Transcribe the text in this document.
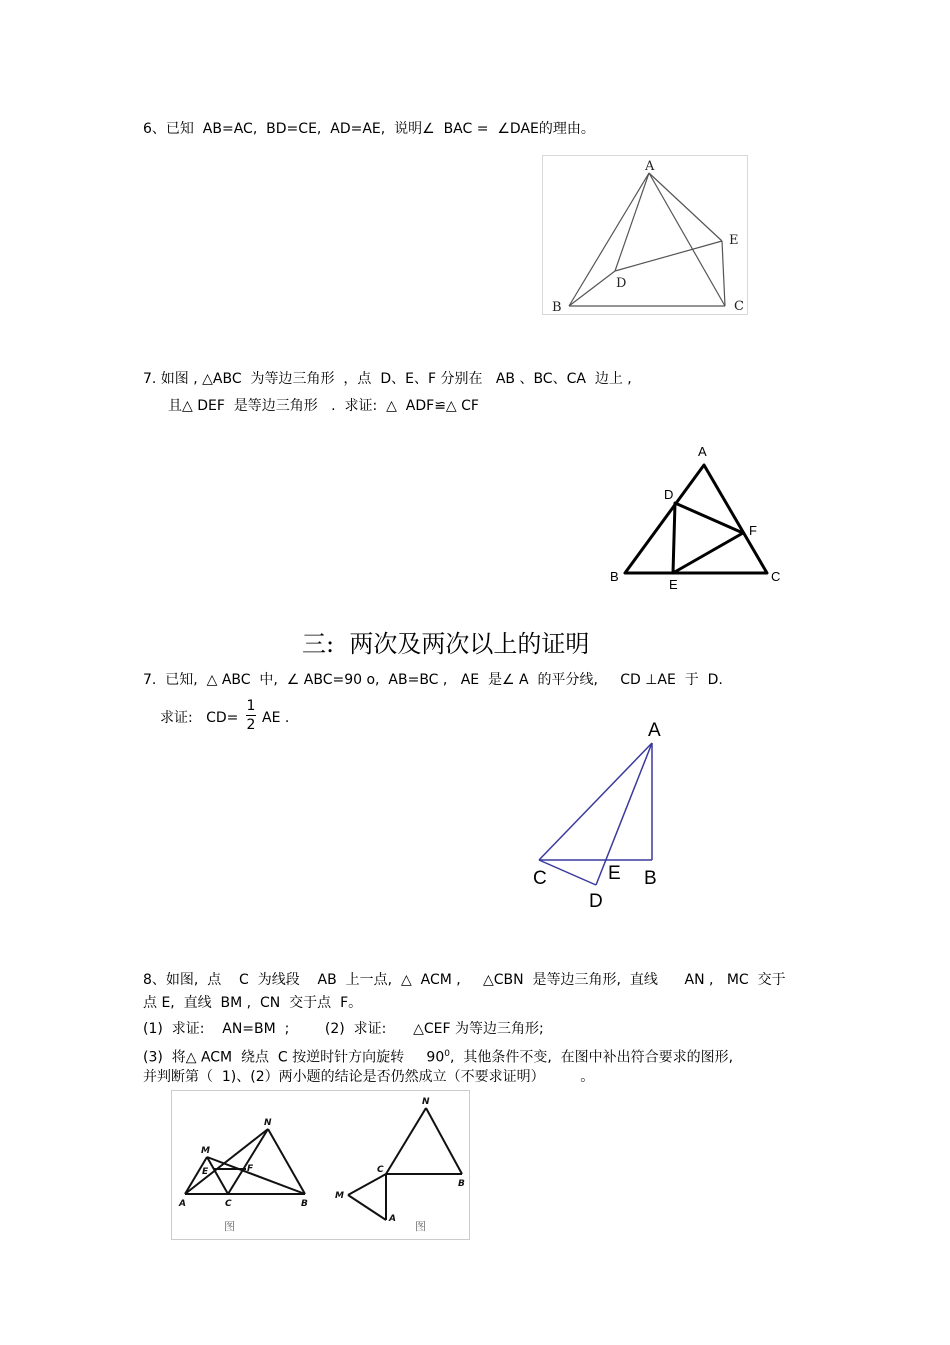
6、已知  AB=AC,  BD=CE,  AD=AE,  说明∠  BAC =  ∠DAE的理由。
A
B	C
D
E
7. 如图 , △ABC  为等边三角形  ，点  D、E、F 分别在   AB 、BC、CA  边上 ,
且△ DEF  是等边三角形   .  求证:  △  ADF≌△ CF
A
B	C
D
E
F
三:  两次及两次以上的证明
7.  已知,  △ ABC  中,  ∠ ABC=90 o,  AB=BC ,   AE  是∠ A  的平分线,     CD ⊥AE  于  D.
求证:   CD=
1
2 AE .
A
C	E B
D
8、如图,  点    C  为线段    AB  上一点,  △  ACM ,     △CBN  是等边三角形,  直线      AN ,   MC  交于
点 E,  直线  BM ,  CN  交于点  F。
(1)  求证:    AN=BM  ;        (2)  求证:      △CEF 为等边三角形;
(3)  将△ ACM  绕点  C 按逆时针方向旋转     $90^0$,  其他条件不变,  在图中补出符合要求的图形,
并判断第（  1)、(2）两小题的结论是否仍然成立（不要求证明）        。
A	B
C
E	F
M
N
图
N
C
B
M
A
图
